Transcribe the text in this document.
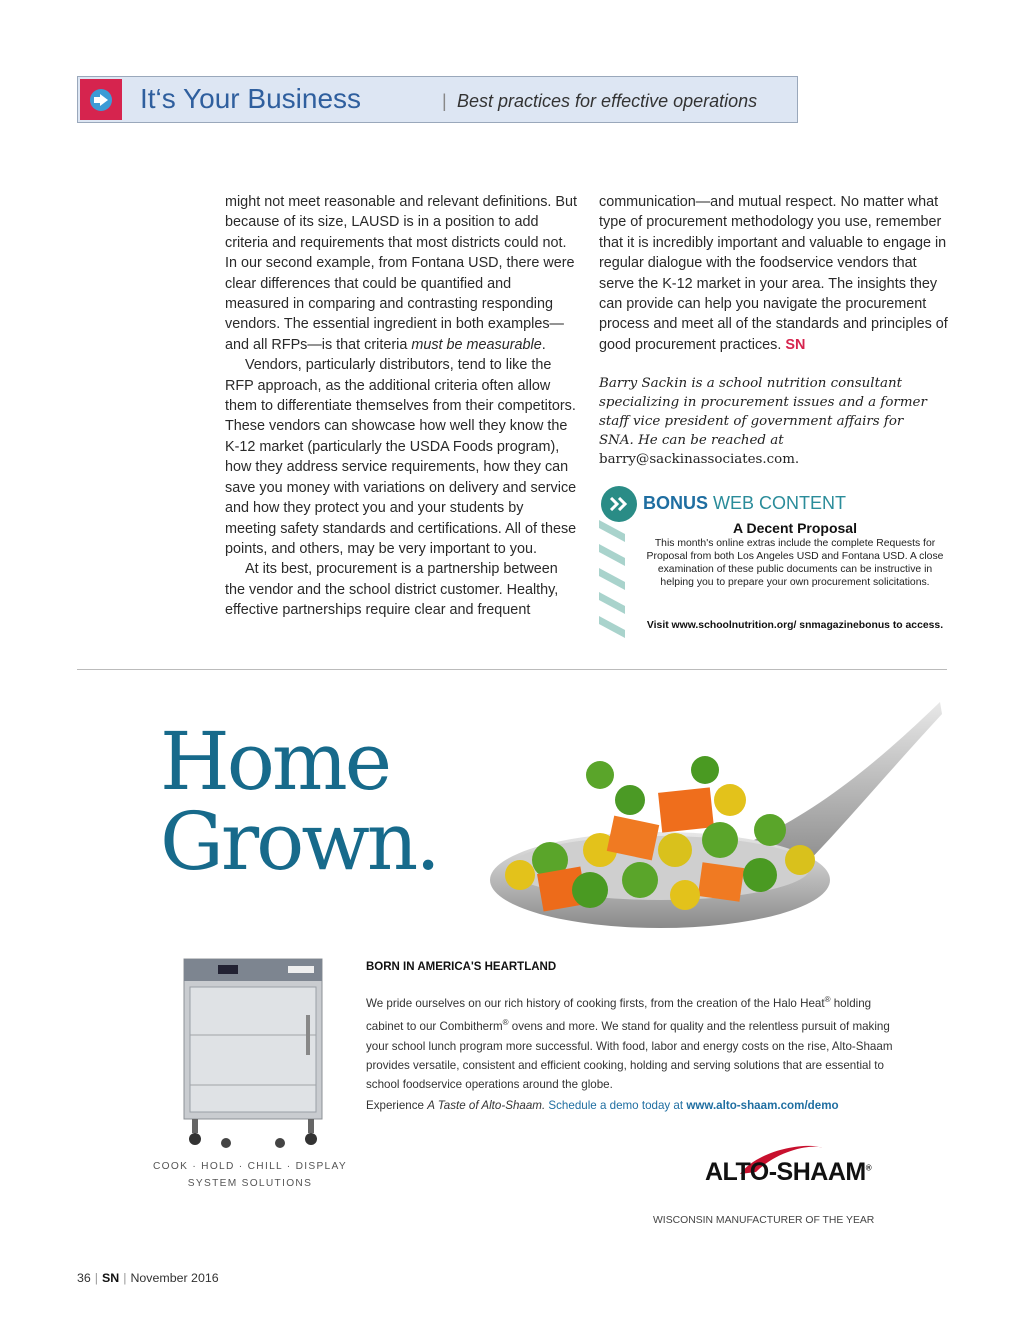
It‘s Your Business	| Best practices for effective operations

might not meet reasonable and relevant definitions. But because of its size, LAUSD is in a position to add criteria and requirements that most districts could not. In our second example, from Fontana USD, there were clear differences that could be quantified and measured in comparing and contrasting responding vendors. The essential ingredient in both examples—and all RFPs—is that criteria must be measurable.

Vendors, particularly distributors, tend to like the RFP approach, as the additional criteria often allow them to differentiate themselves from their competitors. These vendors can showcase how well they know the K-12 market (particularly the USDA Foods program), how they address service requirements, how they can save you money with variations on delivery and service and how they protect you and your students by meeting safety standards and certifications. All of these points, and others, may be very important to you.

At its best, procurement is a partnership between the vendor and the school district customer. Healthy, effective partnerships require clear and frequent

communication—and mutual respect. No matter what type of procurement methodology you use, remember that it is incredibly important and valuable to engage in regular dialogue with the foodservice vendors that serve the K-12 market in your area. The insights they can provide can help you navigate the procurement process and meet all of the standards and principles of good procurement practices. SN

Barry Sackin is a school nutrition consultant specializing in procurement issues and a former staff vice president of government affairs for SNA. He can be reached at barry@sackinassociates.com.
BONUS WEB CONTENT
A Decent Proposal
This month's online extras include the complete Requests for Proposal from both Los Angeles USD and Fontana USD. A close examination of these public documents can be instructive in helping you to prepare your own procurement solicitations.
Visit www.schoolnutrition.org/ snmagazinebonus to access.
Home
Grown.
BORN IN AMERICA'S HEARTLAND
We pride ourselves on our rich history of cooking firsts, from the creation of the Halo Heat® holding cabinet to our Combitherm® ovens and more. We stand for quality and the relentless pursuit of making your school lunch program more successful. With food, labor and energy costs on the rise, Alto-Shaam provides versatile, consistent and efficient cooking, holding and serving solutions that are essential to school foodservice operations around the globe.
Experience A Taste of Alto-Shaam. Schedule a demo today at www.alto-shaam.com/demo
COOK · HOLD · CHILL · DISPLAY
SYSTEM SOLUTIONS	ALTO-SHAAM®
WISCONSIN MANUFACTURER OF THE YEAR
36 | SN | November 2016
